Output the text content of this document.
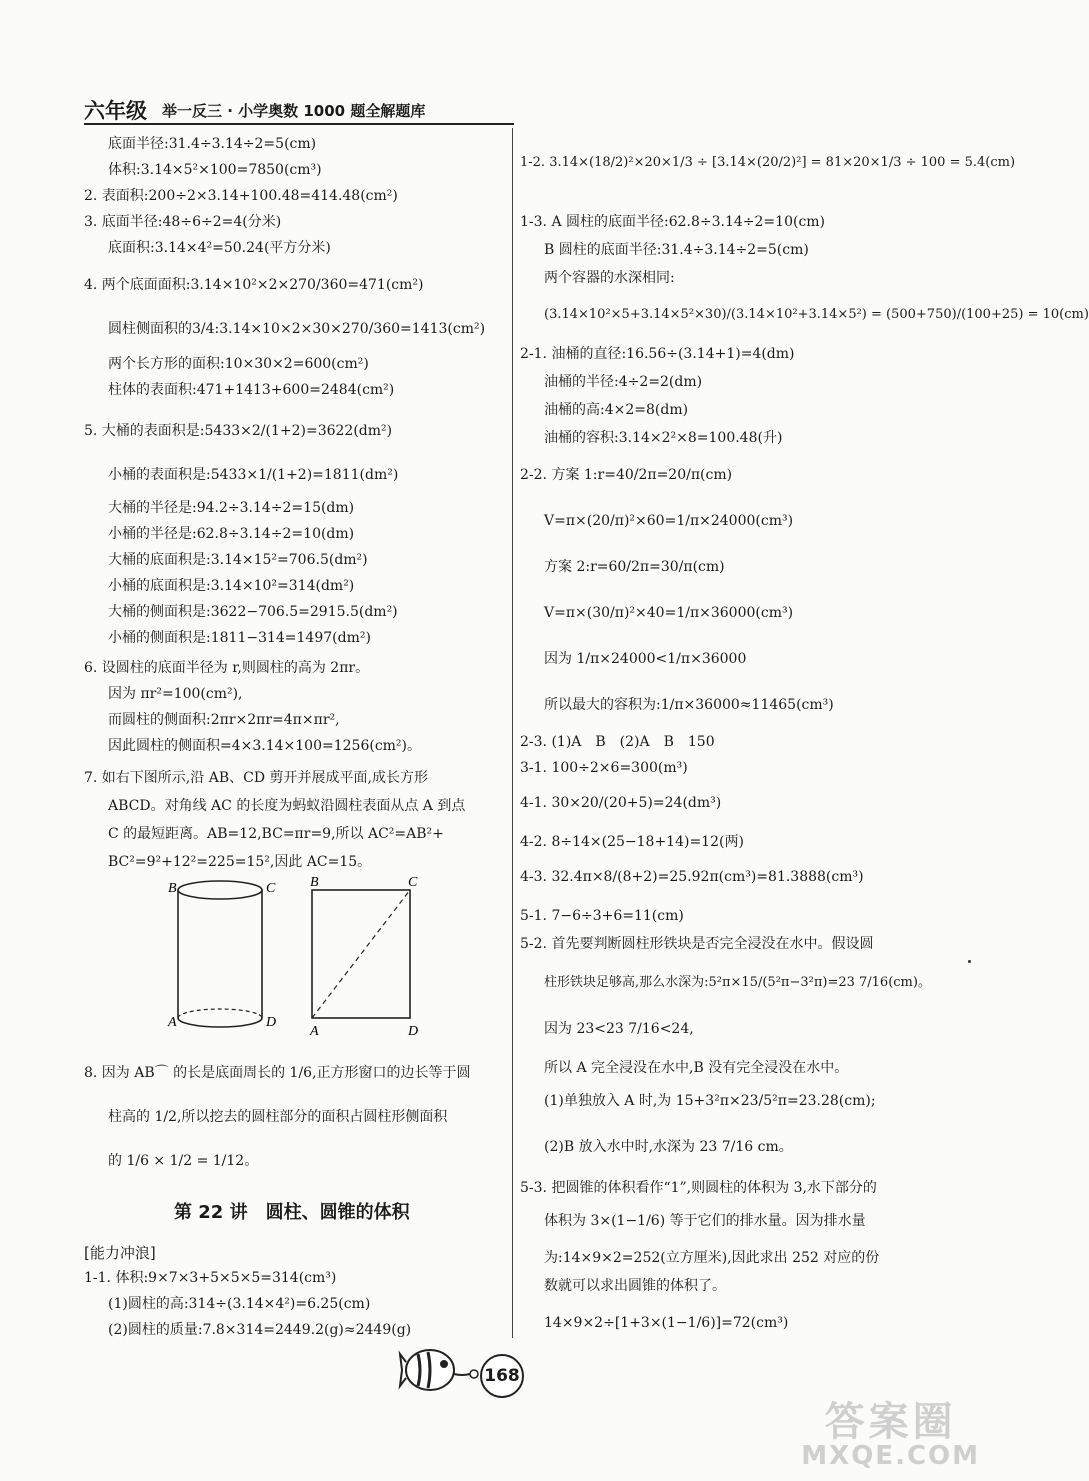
六年级 举一反三 · 小学奥数 1000 题全解题库
底面半径:31.4÷3.14÷2=5(cm)
体积:3.14×5²×100=7850(cm³)
2. 表面积:200÷2×3.14+100.48=414.48(cm²)
3. 底面半径:48÷6÷2=4(分米)
底面积:3.14×4²=50.24(平方分米)
4. 两个底面面积:3.14×10²×2×270/360=471(cm²)
圆柱侧面积的3/4:3.14×10×2×30×270/360=1413(cm²)
两个长方形的面积:10×30×2=600(cm²)
柱体的表面积:471+1413+600=2484(cm²)
5. 大桶的表面积是:5433×2/(1+2)=3622(dm²)
小桶的表面积是:5433×1/(1+2)=1811(dm²)
大桶的半径是:94.2÷3.14÷2=15(dm)
小桶的半径是:62.8÷3.14÷2=10(dm)
大桶的底面积是:3.14×15²=706.5(dm²)
小桶的底面积是:3.14×10²=314(dm²)
大桶的侧面积是:3622−706.5=2915.5(dm²)
小桶的侧面积是:1811−314=1497(dm²)
6. 设圆柱的底面半径为 r,则圆柱的高为 2πr。
因为 πr²=100(cm²),
而圆柱的侧面积:2πr×2πr=4π×πr²,
因此圆柱的侧面积=4×3.14×100=1256(cm²)。
7. 如右下图所示,沿 AB、CD 剪开并展成平面,成长方形
ABCD。对角线 AC 的长度为蚂蚁沿圆柱表面从点 A 到点
C 的最短距离。AB=12,BC=πr=9,所以 AC²=AB²+
BC²=9²+12²=225=15²,因此 AC=15。
B	C
A	D
B	C
A	D
8. 因为 AB⌒ 的长是底面周长的 1/6,正方形窗口的边长等于圆
柱高的 1/2,所以挖去的圆柱部分的面积占圆柱形侧面积
的 1/6 × 1/2 = 1/12。
第 22 讲　圆柱、圆锥的体积
[能力冲浪]
1-1. 体积:9×7×3+5×5×5=314(cm³)
(1)圆柱的高:314÷(3.14×4²)=6.25(cm)
(2)圆柱的质量:7.8×314=2449.2(g)≈2449(g)
1-2. 3.14×(18/2)²×20×1/3 ÷ [3.14×(20/2)²] = 81×20×1/3 ÷ 100 = 5.4(cm)
1-3. A 圆柱的底面半径:62.8÷3.14÷2=10(cm)
B 圆柱的底面半径:31.4÷3.14÷2=5(cm)
两个容器的水深相同:
(3.14×10²×5+3.14×5²×30)/(3.14×10²+3.14×5²) = (500+750)/(100+25) = 10(cm)
2-1. 油桶的直径:16.56÷(3.14+1)=4(dm)
油桶的半径:4÷2=2(dm)
油桶的高:4×2=8(dm)
油桶的容积:3.14×2²×8=100.48(升)
2-2. 方案 1:r=40/2π=20/π(cm)
V=π×(20/π)²×60=1/π×24000(cm³)
方案 2:r=60/2π=30/π(cm)
V=π×(30/π)²×40=1/π×36000(cm³)
因为 1/π×24000<1/π×36000
所以最大的容积为:1/π×36000≈11465(cm³)
2-3. (1)A　B　(2)A　B　150
3-1. 100÷2×6=300(m³)
4-1. 30×20/(20+5)=24(dm³)
4-2. 8÷14×(25−18+14)=12(两)
4-3. 32.4π×8/(8+2)=25.92π(cm³)=81.3888(cm³)
5-1. 7−6÷3+6=11(cm)
5-2. 首先要判断圆柱形铁块是否完全浸没在水中。假设圆
柱形铁块足够高,那么水深为:5²π×15/(5²π−3²π)=23 7/16(cm)。
因为 23<23 7/16<24,
所以 A 完全浸没在水中,B 没有完全浸没在水中。
(1)单独放入 A 时,为 15+3²π×23/5²π=23.28(cm);
(2)B 放入水中时,水深为 23 7/16 cm。
5-3. 把圆锥的体积看作“1”,则圆柱的体积为 3,水下部分的
体积为 3×(1−1/6) 等于它们的排水量。因为排水量
为:14×9×2=252(立方厘米),因此求出 252 对应的份
数就可以求出圆锥的体积了。
14×9×2÷[1+3×(1−1/6)]=72(cm³)
168
答案圈
MXQE.COM
